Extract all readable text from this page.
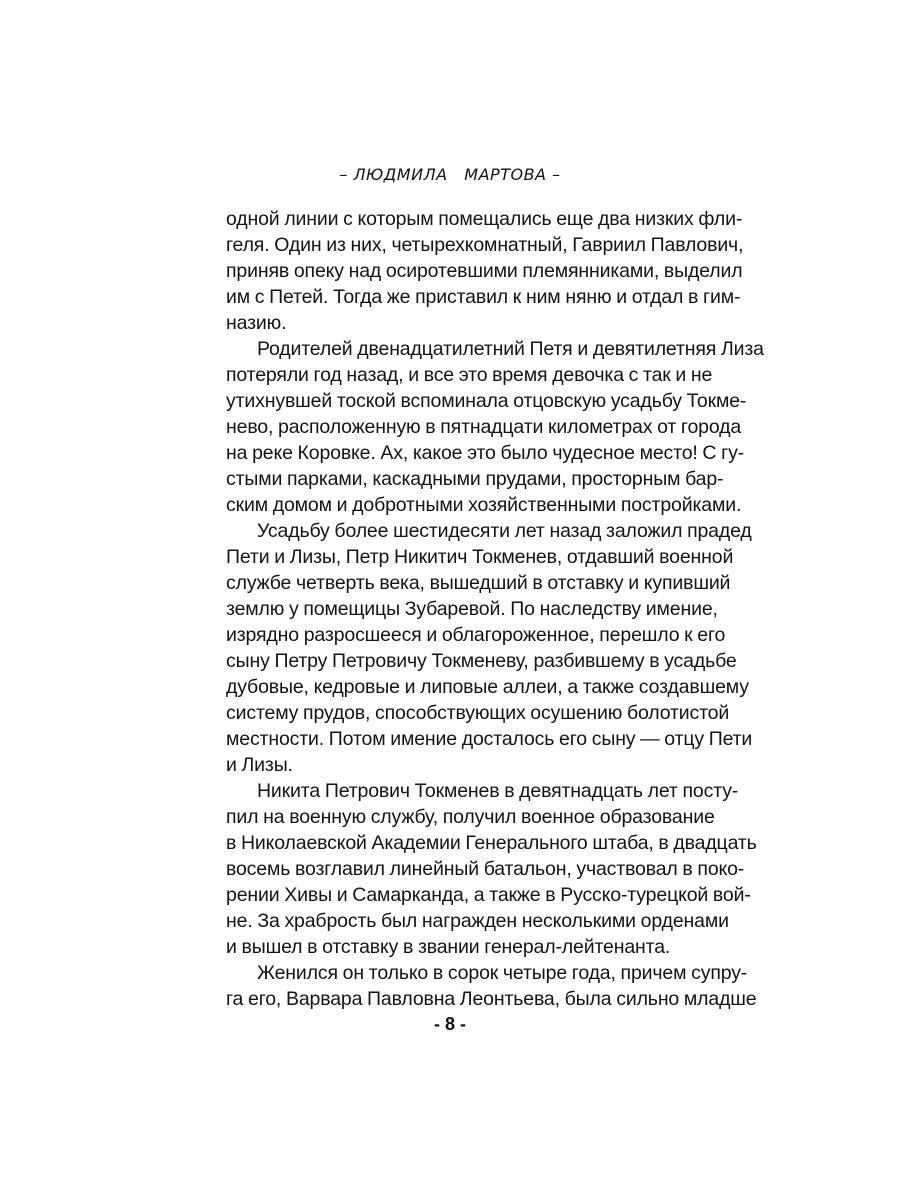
– ЛЮДМИЛА   МАРТОВА –
одной линии с которым помещались еще два низких фли-
геля. Один из них, четырехкомнатный, Гавриил Павлович,
приняв опеку над осиротевшими племянниками, выделил
им с Петей. Тогда же приставил к ним няню и отдал в гим-
назию.
Родителей двенадцатилетний Петя и девятилетняя Лиза
потеряли год назад, и все это время девочка с так и не
утихнувшей тоской вспоминала отцовскую усадьбу Токме-
нево, расположенную в пятнадцати километрах от города
на реке Коровке. Ах, какое это было чудесное место! С гу-
стыми парками, каскадными прудами, просторным бар-
ским домом и добротными хозяйственными постройками.
Усадьбу более шестидесяти лет назад заложил прадед
Пети и Лизы, Петр Никитич Токменев, отдавший военной
службе четверть века, вышедший в отставку и купивший
землю у помещицы Зубаревой. По наследству имение,
изрядно разросшееся и облагороженное, перешло к его
сыну Петру Петровичу Токменеву, разбившему в усадьбе
дубовые, кедровые и липовые аллеи, а также создавшему
систему прудов, способствующих осушению болотистой
местности. Потом имение досталось его сыну — отцу Пети
и Лизы.
Никита Петрович Токменев в девятнадцать лет посту-
пил на военную службу, получил военное образование
в Николаевской Академии Генерального штаба, в двадцать
восемь возглавил линейный батальон, участвовал в поко-
рении Хивы и Самарканда, а также в Русско-турецкой вой-
не. За храбрость был награжден несколькими орденами
и вышел в отставку в звании генерал-лейтенанта.
Женился он только в сорок четыре года, причем супру-
га его, Варвара Павловна Леонтьева, была сильно младше
- 8 -
